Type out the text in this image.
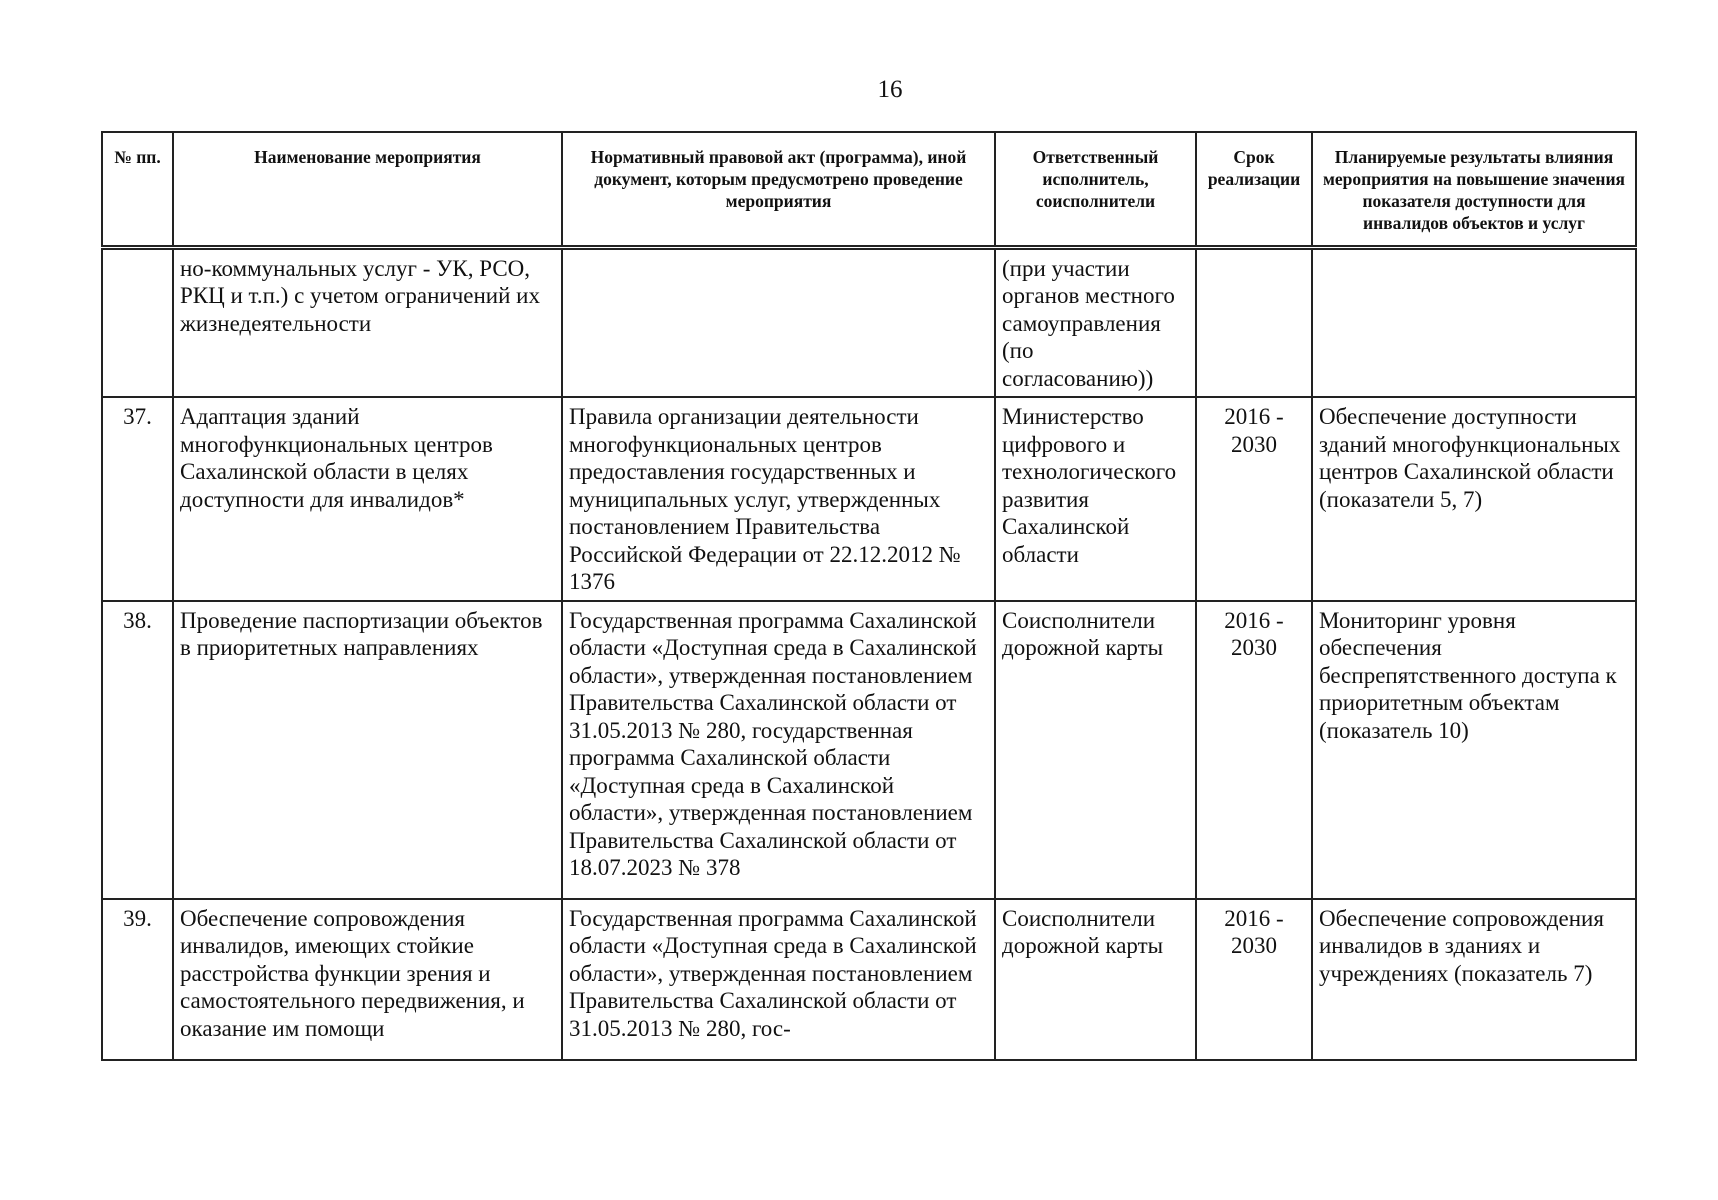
16
№ пп.	Наименование мероприятия	Нормативный правовой акт (программа), иной документ, которым предусмотрено проведение мероприятия	Ответственный исполнитель, соисполнители	Срок реализации	Планируемые результаты влияния мероприятия на повышение значения показателя доступности для инвалидов объектов и услуг
	но-коммунальных услуг - УК, РСО, РКЦ и т.п.) с учетом ограничений их жизнедеятельности		(при участии органов местного самоуправления (по согласованию))		
37.	Адаптация зданий многофункциональных центров Сахалинской области в целях доступности для инвалидов*	Правила организации деятельности многофункциональных центров предоставления государственных и муниципальных услуг, утвержденных постановлением Правительства Российской Федерации от 22.12.2012 № 1376	Министерство цифрового и технологического развития Сахалинской области	2016 - 2030	Обеспечение доступности зданий многофункциональных центров Сахалинской области (показатели 5, 7)
38.	Проведение паспортизации объектов в приоритетных направлениях	Государственная программа Сахалинской области «Доступная среда в Сахалинской области», утвержденная постановлением Правительства Сахалинской области от 31.05.2013 № 280, государственная программа Сахалинской области «Доступная среда в Сахалинской области», утвержденная постановлением Правительства Сахалинской области от 18.07.2023 № 378	Соисполнители дорожной карты	2016 - 2030	Мониторинг уровня обеспечения беспрепятственного доступа к приоритетным объектам (показатель 10)
39.	Обеспечение сопровождения инвалидов, имеющих стойкие расстройства функции зрения и самостоятельного передвижения, и оказание им помощи	Государственная программа Сахалинской области «Доступная среда в Сахалинской области», утвержденная постановлением Правительства Сахалинской области от 31.05.2013 № 280, гос-	Соисполнители дорожной карты	2016 - 2030	Обеспечение сопровождения инвалидов в зданиях и учреждениях (показатель 7)
